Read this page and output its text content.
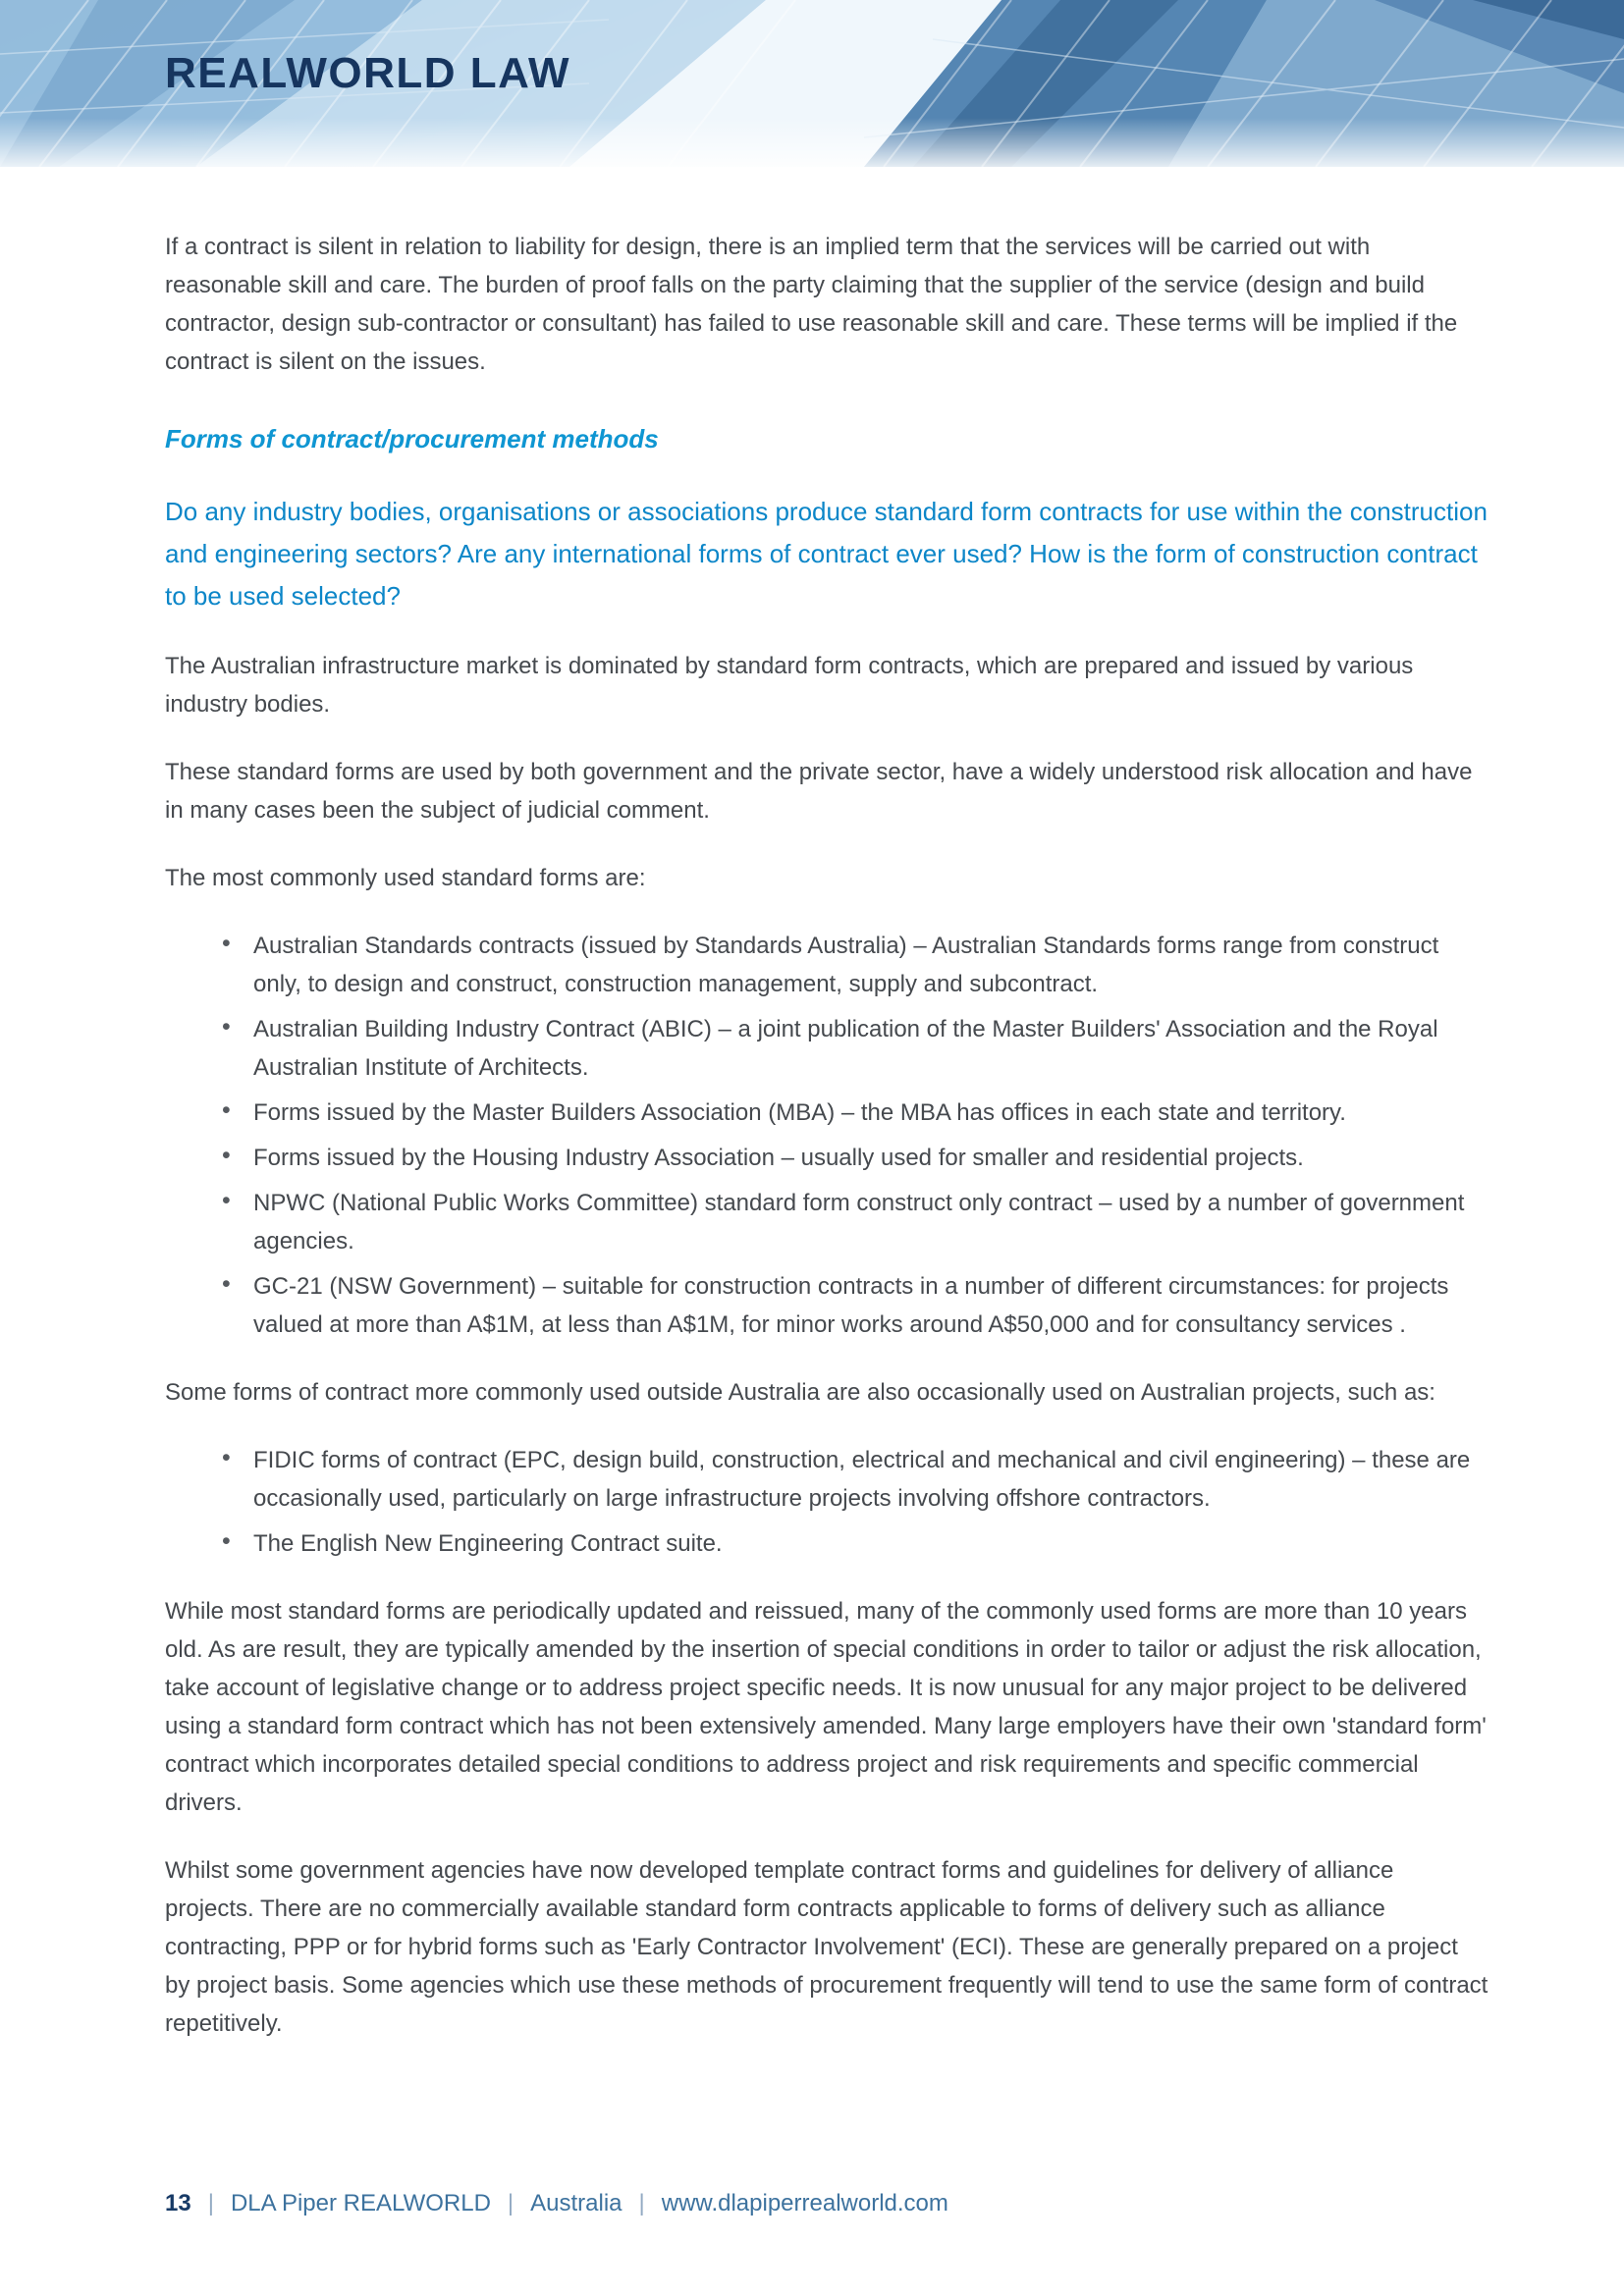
REALWORLD LAW

If a contract is silent in relation to liability for design, there is an implied term that the services will be carried out with reasonable skill and care. The burden of proof falls on the party claiming that the supplier of the service (design and build contractor, design sub-contractor or consultant) has failed to use reasonable skill and care. These terms will be implied if the contract is silent on the issues.

Forms of contract/procurement methods

Do any industry bodies, organisations or associations produce standard form contracts for use within the construction and engineering sectors? Are any international forms of contract ever used? How is the form of construction contract to be used selected?

The Australian infrastructure market is dominated by standard form contracts, which are prepared and issued by various industry bodies.

These standard forms are used by both government and the private sector, have a widely understood risk allocation and have in many cases been the subject of judicial comment.

The most commonly used standard forms are:

• Australian Standards contracts (issued by Standards Australia) – Australian Standards forms range from construct only, to design and construct, construction management, supply and subcontract.
• Australian Building Industry Contract (ABIC) – a joint publication of the Master Builders' Association and the Royal Australian Institute of Architects.
• Forms issued by the Master Builders Association (MBA) – the MBA has offices in each state and territory.
• Forms issued by the Housing Industry Association – usually used for smaller and residential projects.
• NPWC (National Public Works Committee) standard form construct only contract – used by a number of government agencies.
• GC-21 (NSW Government) – suitable for construction contracts in a number of different circumstances: for projects valued at more than A$1M, at less than A$1M, for minor works around A$50,000 and for consultancy services .

Some forms of contract more commonly used outside Australia are also occasionally used on Australian projects, such as:

• FIDIC forms of contract (EPC, design build, construction, electrical and mechanical and civil engineering) – these are occasionally used, particularly on large infrastructure projects involving offshore contractors.
• The English New Engineering Contract suite.

While most standard forms are periodically updated and reissued, many of the commonly used forms are more than 10 years old. As are result, they are typically amended by the insertion of special conditions in order to tailor or adjust the risk allocation, take account of legislative change or to address project specific needs. It is now unusual for any major project to be delivered using a standard form contract which has not been extensively amended. Many large employers have their own 'standard form' contract which incorporates detailed special conditions to address project and risk requirements and specific commercial drivers.

Whilst some government agencies have now developed template contract forms and guidelines for delivery of alliance projects. There are no commercially available standard form contracts applicable to forms of delivery such as alliance contracting, PPP or for hybrid forms such as 'Early Contractor Involvement' (ECI). These are generally prepared on a project by project basis. Some agencies which use these methods of procurement frequently will tend to use the same form of contract repetitively.

13 | DLA Piper REALWORLD | Australia | www.dlapiperrealworld.com
